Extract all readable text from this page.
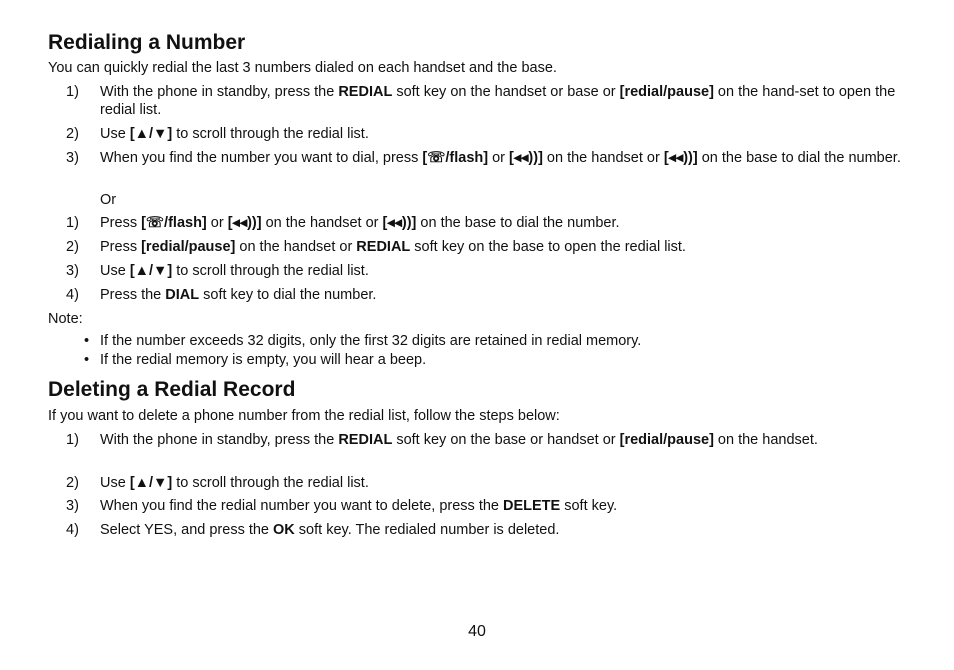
Redialing a Number

You can quickly redial the last 3 numbers dialed on each handset and the base.

1)	With the phone in standby, press the REDIAL soft key on the handset or base or [redial/pause] on the hand-set to open the redial list.
2)	Use [▲/▼] to scroll through the redial list.
3)	When you find the number you want to dial, press [☏/flash] or [◂◂))] on the handset or [◂◂))] on the base to dial the number.
Or
1)	Press [☏/flash] or [◂◂))] on the handset or [◂◂))] on the base to dial the number.
2)	Press [redial/pause] on the handset or REDIAL soft key on the base to open the redial list.
3)	Use [▲/▼] to scroll through the redial list.
4)	Press the DIAL soft key to dial the number.

Note:

• If the number exceeds 32 digits, only the first 32 digits are retained in redial memory.
• If the redial memory is empty, you will hear a beep.
Deleting a Redial Record

If you want to delete a phone number from the redial list, follow the steps below:

1)	With the phone in standby, press the REDIAL soft key on the base or handset or [redial/pause] on the handset.
2)	Use [▲/▼] to scroll through the redial list.
3)	When you find the redial number you want to delete, press the DELETE soft key.
4)	Select YES, and press the OK soft key. The redialed number is deleted.
40
